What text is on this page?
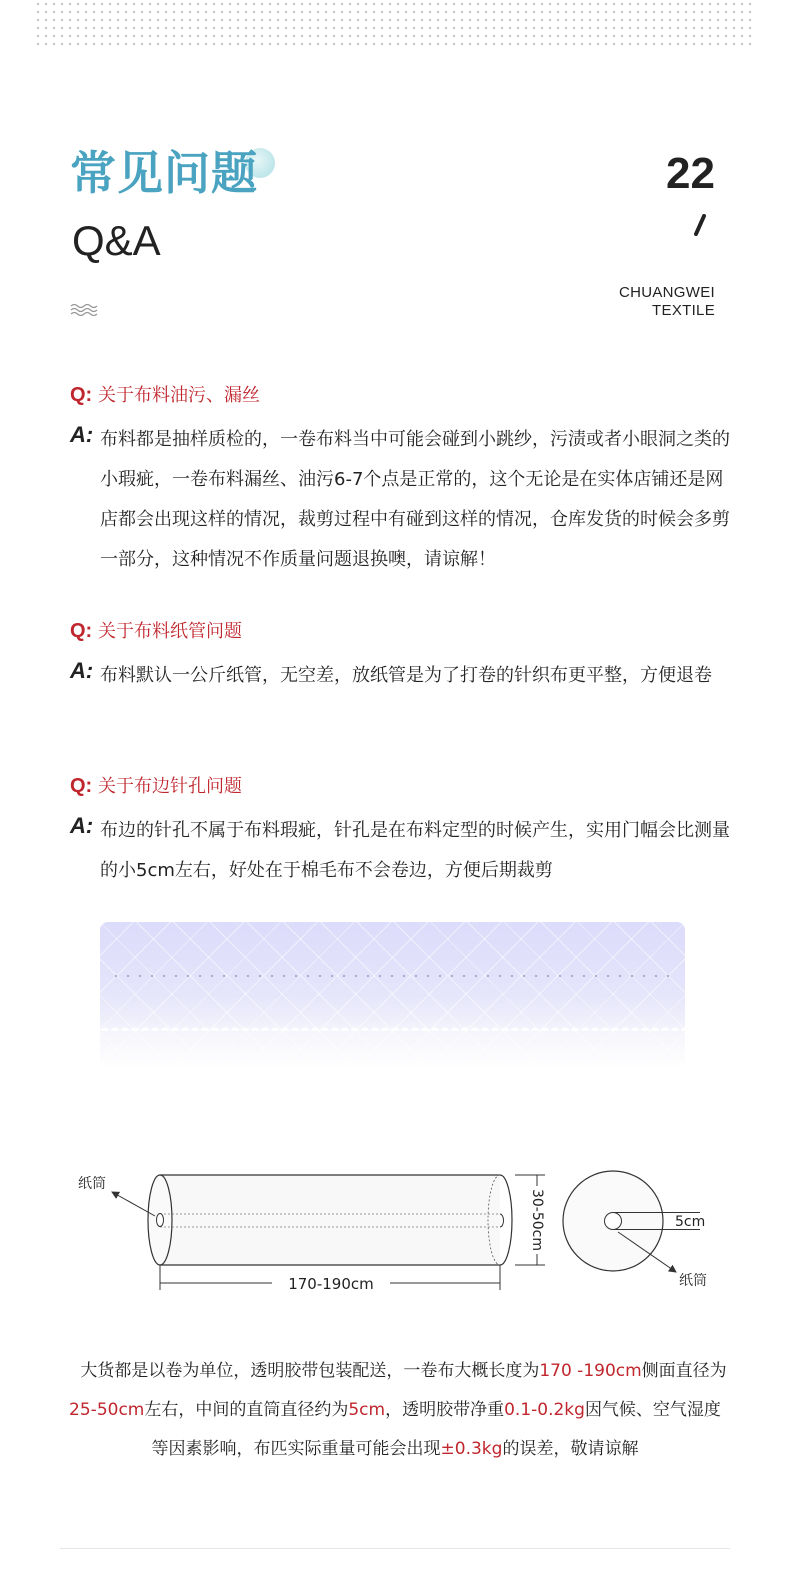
常见问题
Q&A
22
CHUANGWEI
TEXTILE
Q: 关于布料油污、漏丝
A: 布料都是抽样质检的，一卷布料当中可能会碰到小跳纱，污渍或者小眼洞之类的小瑕疵，一卷布料漏丝、油污6-7个点是正常的，这个无论是在实体店铺还是网店都会出现这样的情况，裁剪过程中有碰到这样的情况，仓库发货的时候会多剪一部分，这种情况不作质量问题退换噢，请谅解！
Q: 关于布料纸管问题
A: 布料默认一公斤纸管，无空差，放纸管是为了打卷的针织布更平整，方便退卷
Q: 关于布边针孔问题
A: 布边的针孔不属于布料瑕疵，针孔是在布料定型的时候产生，实用门幅会比测量的小5cm左右，好处在于棉毛布不会卷边，方便后期裁剪
纸筒
170-190cm
30-50cm	5cm
纸筒

 大货都是以卷为单位，透明胶带包装配送，一卷布大概长度为170 -190cm侧面直径为25-50cm左右，中间的直筒直径约为5cm，透明胶带净重0.1-0.2kg因气候、空气湿度等因素影响，布匹实际重量可能会出现±0.3kg的误差，敬请谅解
